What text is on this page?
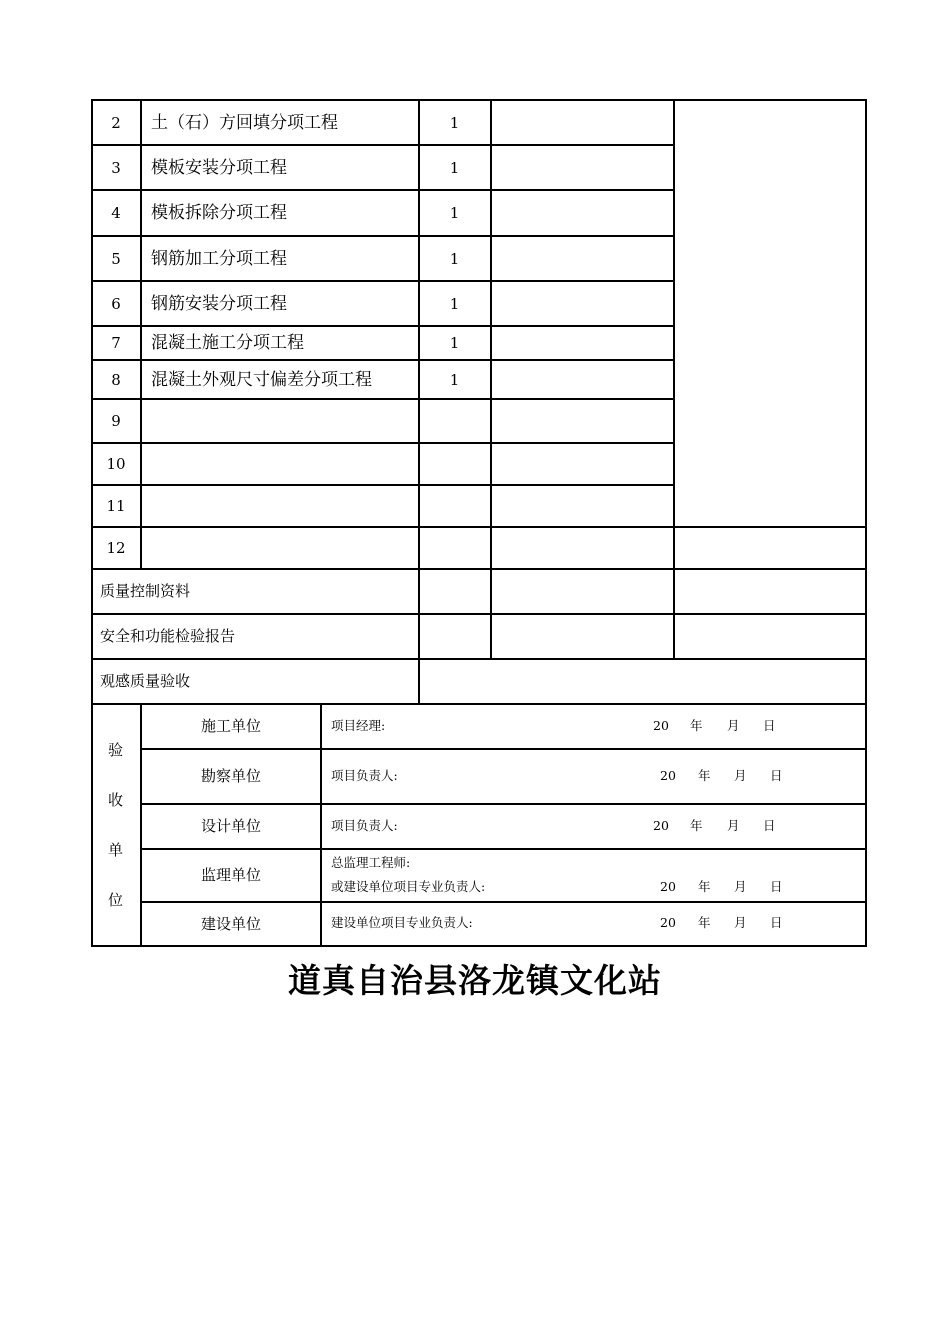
2
3
4
5
6
7
8
9
10
11
12
土（石）方回填分项工程
模板安装分项工程
模板拆除分项工程
钢筋加工分项工程
钢筋安装分项工程
混凝土施工分项工程
混凝土外观尺寸偏差分项工程
1
1
1
1
1
1
1
质量控制资料
安全和功能检验报告
观感质量验收
验
收
单
位
施工单位
勘察单位
设计单位
监理单位
建设单位
项目经理:
项目负责人:
项目负责人:
总监理工程师:
或建设单位项目专业负责人:
建设单位项目专业负责人:
20 年 月 日
20 年 月 日
20 年 月 日
20 年 月 日
20 年 月 日
道真自治县洛龙镇文化站
